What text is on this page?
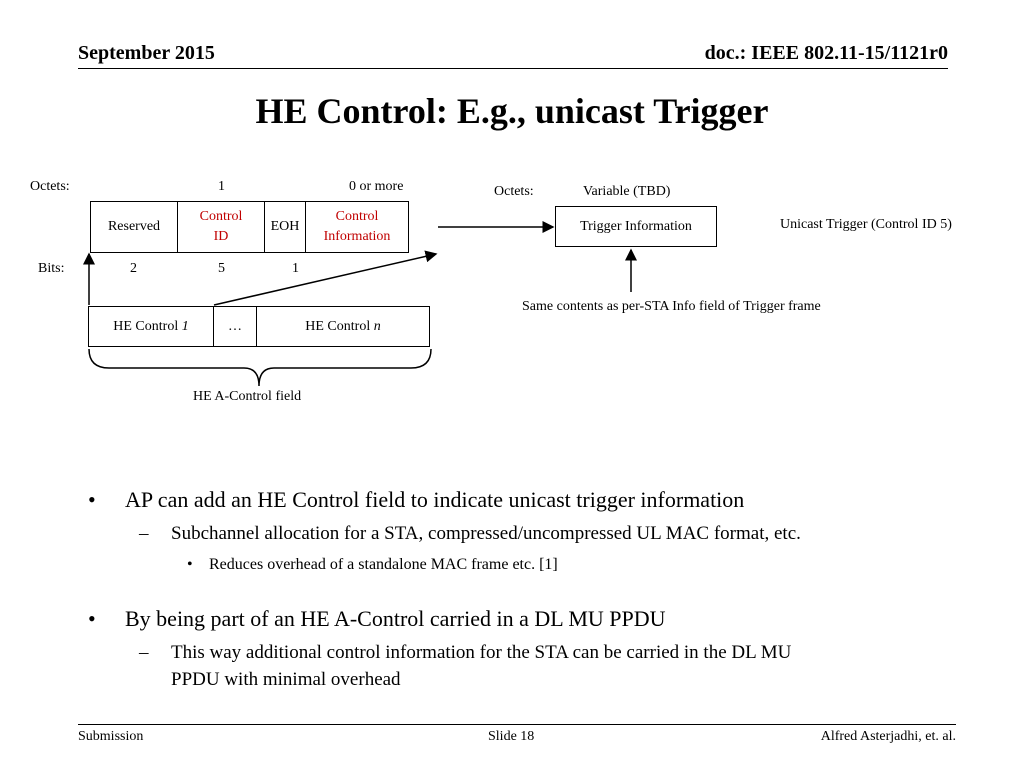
September 2015	doc.: IEEE 802.11-15/1121r0
HE Control: E.g., unicast Trigger
Octets:	1	0 or more
Reserved	
Control
ID
	EOH	
Control
Information
Bits:	2	5	1
Octets:	Variable (TBD)
Trigger Information	Unicast Trigger (Control ID 5)
Same contents as per-STA Info field of Trigger frame
HE Control 1	…	HE Control n
HE A-Control field
• AP can add an HE Control field to indicate unicast trigger information
– Subchannel allocation for a STA, compressed/uncompressed UL MAC format, etc.
• Reduces overhead of a standalone MAC frame etc. [1]
• By being part of an HE A-Control carried in a DL MU PPDU
– This way additional control information for the STA can be carried in the DL MU
PPDU with minimal overhead
Submission	Slide 18	Alfred Asterjadhi, et. al.
